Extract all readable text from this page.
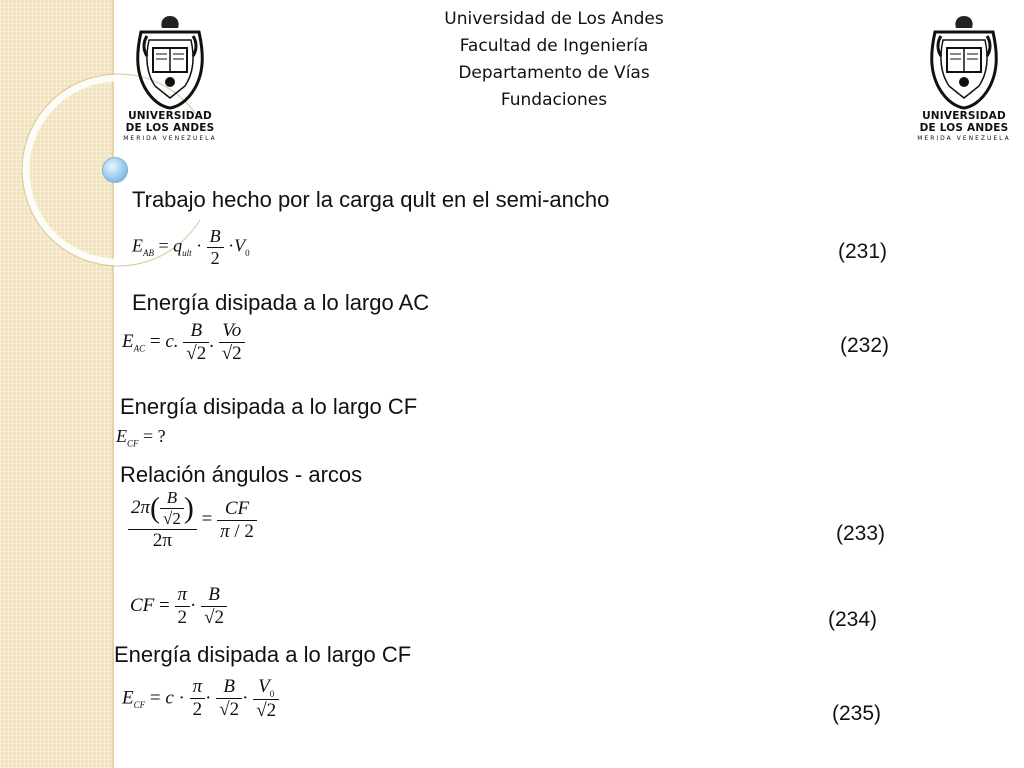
UNIVERSIDAD
DE LOS ANDES
MERIDA VENEZUELA
UNIVERSIDAD
DE LOS ANDES
MERIDA VENEZUELA
Universidad de Los Andes
Facultad de Ingeniería
Departamento de Vías
Fundaciones
Trabajo hecho por la carga qult en el semi-ancho
$E_{AB} = q_{ult} \cdot \frac{B}{2} \cdot V_0$	(231)
Energía disipada a lo largo AC
$E_{AC} = c$. $\frac{B}{√2}$ . $\frac{Vo}{√2}$	(232)
Energía disipada a lo largo CF
$E_{CF}$ = ?
Relación ángulos - arcos
$\frac{2\pi( \frac{B}{√2} )}{2\pi} = \frac{CF}{\pi / 2}$	(233)
CF = $\frac{\pi}{2} \cdot \frac{B}{√2}$	(234)
Energía disipada a lo largo CF
$E_{CF} = c \cdot \frac{\pi}{2} \cdot \frac{B}{√2} \cdot \frac{V_0}{√2}$	(235)
